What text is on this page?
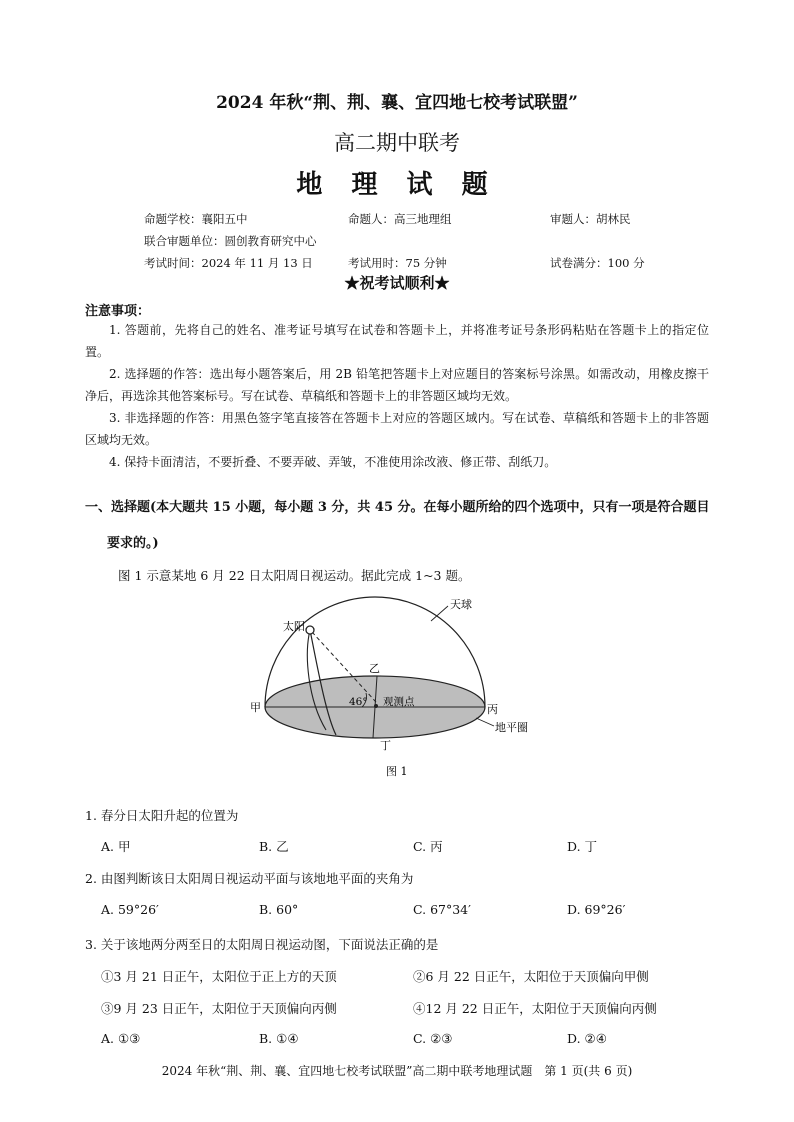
2024 年秋“荆、荆、襄、宜四地七校考试联盟”
高二期中联考
地 理 试 题
命题学校：襄阳五中	命题人：高三地理组	审题人：胡林民
联合审题单位：圆创教育研究中心
考试时间：2024 年 11 月 13 日	考试用时：75 分钟	试卷满分：100 分
★祝考试顺利★
注意事项：
1. 答题前，先将自己的姓名、准考证号填写在试卷和答题卡上，并将准考证号条形码粘贴在答题卡上的指定位置。
2. 选择题的作答：选出每小题答案后，用 2B 铅笔把答题卡上对应题目的答案标号涂黑。如需改动，用橡皮擦干净后，再选涂其他答案标号。写在试卷、草稿纸和答题卡上的非答题区域均无效。
3. 非选择题的作答：用黑色签字笔直接答在答题卡上对应的答题区域内。写在试卷、草稿纸和答题卡上的非答题区域均无效。
4. 保持卡面清洁，不要折叠、不要弄破、弄皱，不准使用涂改液、修正带、刮纸刀。
一、选择题(本大题共 15 小题，每小题 3 分，共 45 分。在每小题所给的四个选项中，只有一项是符合题目
要求的。)
图 1 示意某地 6 月 22 日太阳周日视运动。据此完成 1~3 题。
天球
太阳
乙
46° 观测点
甲	丙
地平圈
丁
图 1
1. 春分日太阳升起的位置为
A. 甲	B. 乙	C. 丙	D. 丁
2. 由图判断该日太阳周日视运动平面与该地地平面的夹角为
A. 59°26′	B. 60°	C. 67°34′	D. 69°26′
3. 关于该地两分两至日的太阳周日视运动图，下面说法正确的是
①3 月 21 日正午，太阳位于正上方的天顶	②6 月 22 日正午，太阳位于天顶偏向甲侧
③9 月 23 日正午，太阳位于天顶偏向丙侧	④12 月 22 日正午，太阳位于天顶偏向丙侧
A. ①③	B. ①④	C. ②③	D. ②④
2024 年秋“荆、荆、襄、宜四地七校考试联盟”高二期中联考地理试题　第 1 页(共 6 页)
